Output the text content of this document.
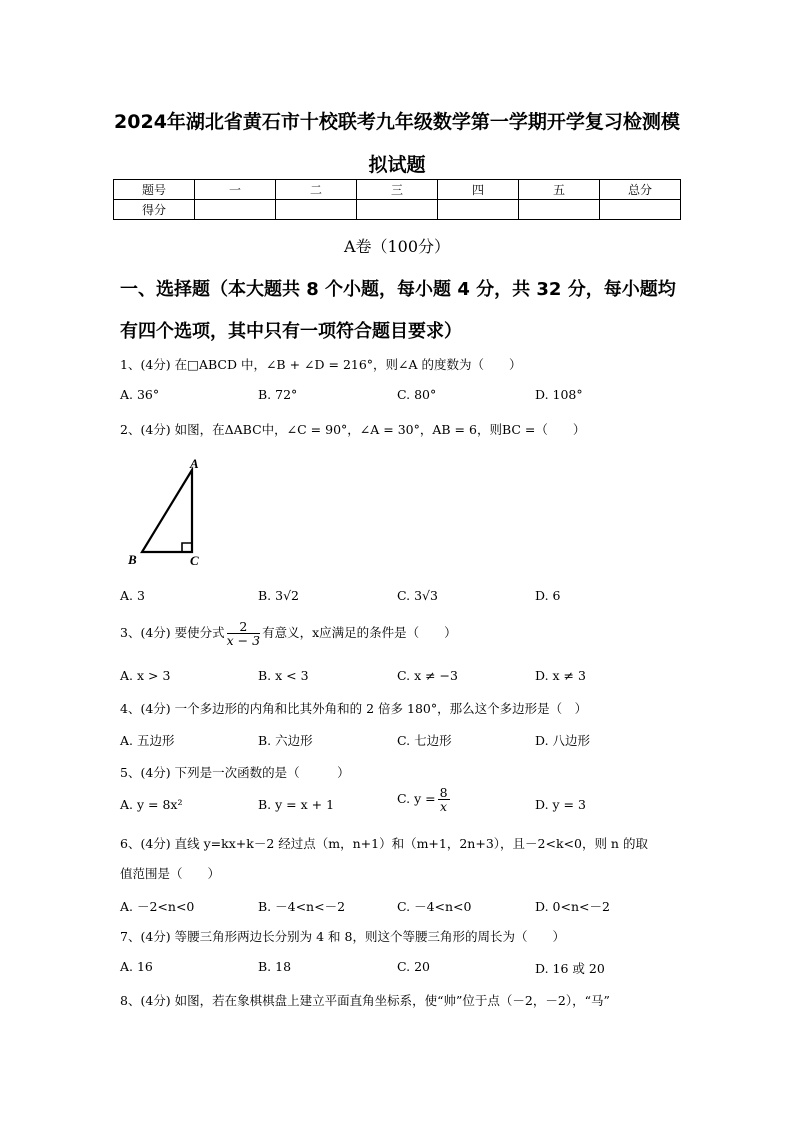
2024年湖北省黄石市十校联考九年级数学第一学期开学复习检测模
拟试题
题号	一	二	三	四	五	总分
得分						
A卷（100分）
一、选择题（本大题共 8 个小题，每小题 4 分，共 32 分，每小题均
有四个选项，其中只有一项符合题目要求）
1、(4分) 在□ABCD 中，∠B + ∠D = 216°，则∠A 的度数为（　　）
A. 36°	B. 72°	C. 80°	D. 108°
2、(4分) 如图，在ΔABC中，∠C = 90°，∠A = 30°，AB = 6，则BC =（　　）
A
B	C
A. 3	B. 3√2	C. 3√3	D. 6
3、(4分) 要使分式 $\frac{2}{x - 3}$ 有意义，x应满足的条件是（　　）
A. x > 3	B. x < 3	C. x ≠ −3	D. x ≠ 3
4、(4分) 一个多边形的内角和比其外角和的 2 倍多 180°，那么这个多边形是（　）
A. 五边形	B. 六边形	C. 七边形	D. 八边形
5、(4分) 下列是一次函数的是（　　　）
A. y = 8x²	B. y = x + 1	C. $y = \frac{8}{x}$	D. y = 3
6、(4分) 直线 y=kx+k－2 经过点（m，n+1）和（m+1，2n+3），且－2<k<0，则 n 的取
值范围是（　　）
A. －2<n<0	B. －4<n<－2	C. －4<n<0	D. 0<n<－2
7、(4分) 等腰三角形两边长分别为 4 和 8，则这个等腰三角形的周长为（　　）
A. 16	B. 18	C. 20	D. 16 或 20
8、(4分) 如图，若在象棋棋盘上建立平面直角坐标系，使“帅”位于点（－2，－2），“马”
